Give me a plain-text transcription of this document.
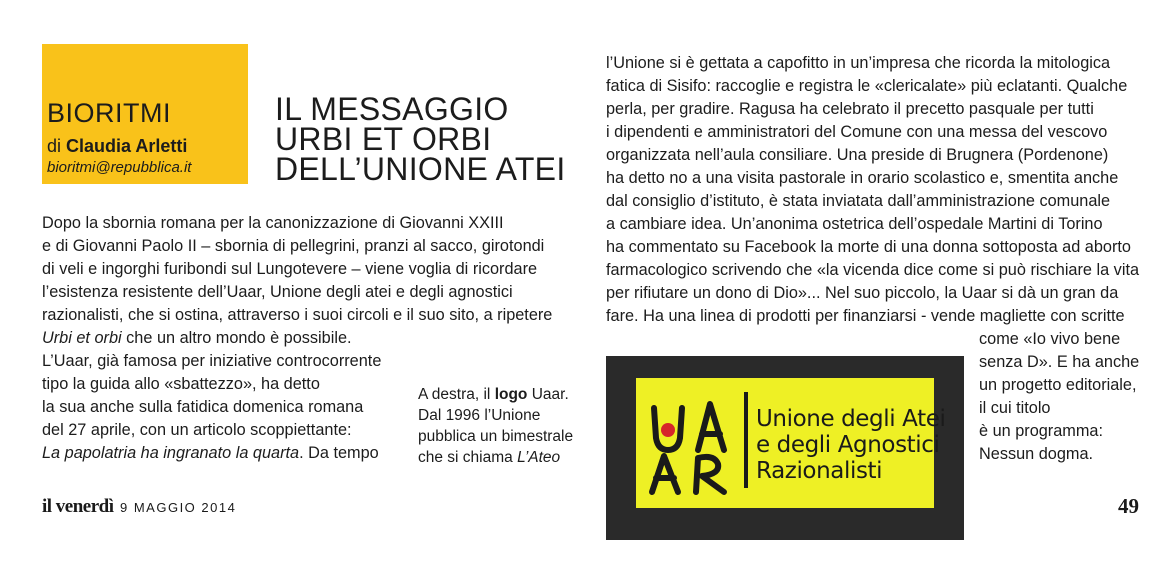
BIORITMI
di Claudia Arletti
bioritmi@repubblica.it
IL MESSAGGIO
URBI ET ORBI
DELL’UNIONE ATEI
Dopo la sbornia romana per la canonizzazione di Giovanni XXIII
e di Giovanni Paolo II – sbornia di pellegrini, pranzi al sacco, girotondi
di veli e ingorghi furibondi sul Lungotevere – viene voglia di ricordare
l’esistenza resistente dell’Uaar, Unione degli atei e degli agnostici
razionalisti, che si ostina, attraverso i suoi circoli e il suo sito, a ripetere
Urbi et orbi che un altro mondo è possibile.
L’Uaar, già famosa per iniziative controcorrente
tipo la guida allo «sbattezzo», ha detto
la sua anche sulla fatidica domenica romana
del 27 aprile, con un articolo scoppiettante:
La papolatria ha ingranato la quarta. Da tempo
A destra, il logo Uaar.
Dal 1996 l’Unione
pubblica un bimestrale
che si chiama L’Ateo
l’Unione si è gettata a capofitto in un’impresa che ricorda la mitologica
fatica di Sisifo: raccoglie e registra le «clericalate» più eclatanti. Qualche
perla, per gradire. Ragusa ha celebrato il precetto pasquale per tutti
i dipendenti e amministratori del Comune con una messa del vescovo
organizzata nell’aula consiliare. Una preside di Brugnera (Pordenone)
ha detto no a una visita pastorale in orario scolastico e, smentita anche
dal consiglio d’istituto, è stata inviatata dall’amministrazione comunale
a cambiare idea. Un’anonima ostetrica dell’ospedale Martini di Torino
ha commentato su Facebook la morte di una donna sottoposta ad aborto
farmacologico scrivendo che «la vicenda dice come si può rischiare la vita
per rifiutare un dono di Dio»... Nel suo piccolo, la Uaar si dà un gran da
fare. Ha una linea di prodotti per finanziarsi - vende magliette con scritte
come «Io vivo bene
senza D». E ha anche
un progetto editoriale,
il cui titolo
è un programma:
Nessun dogma.
Unione degli Atei
e degli Agnostici
Razionalisti
il venerdì 9 MAGGIO 2014	49
